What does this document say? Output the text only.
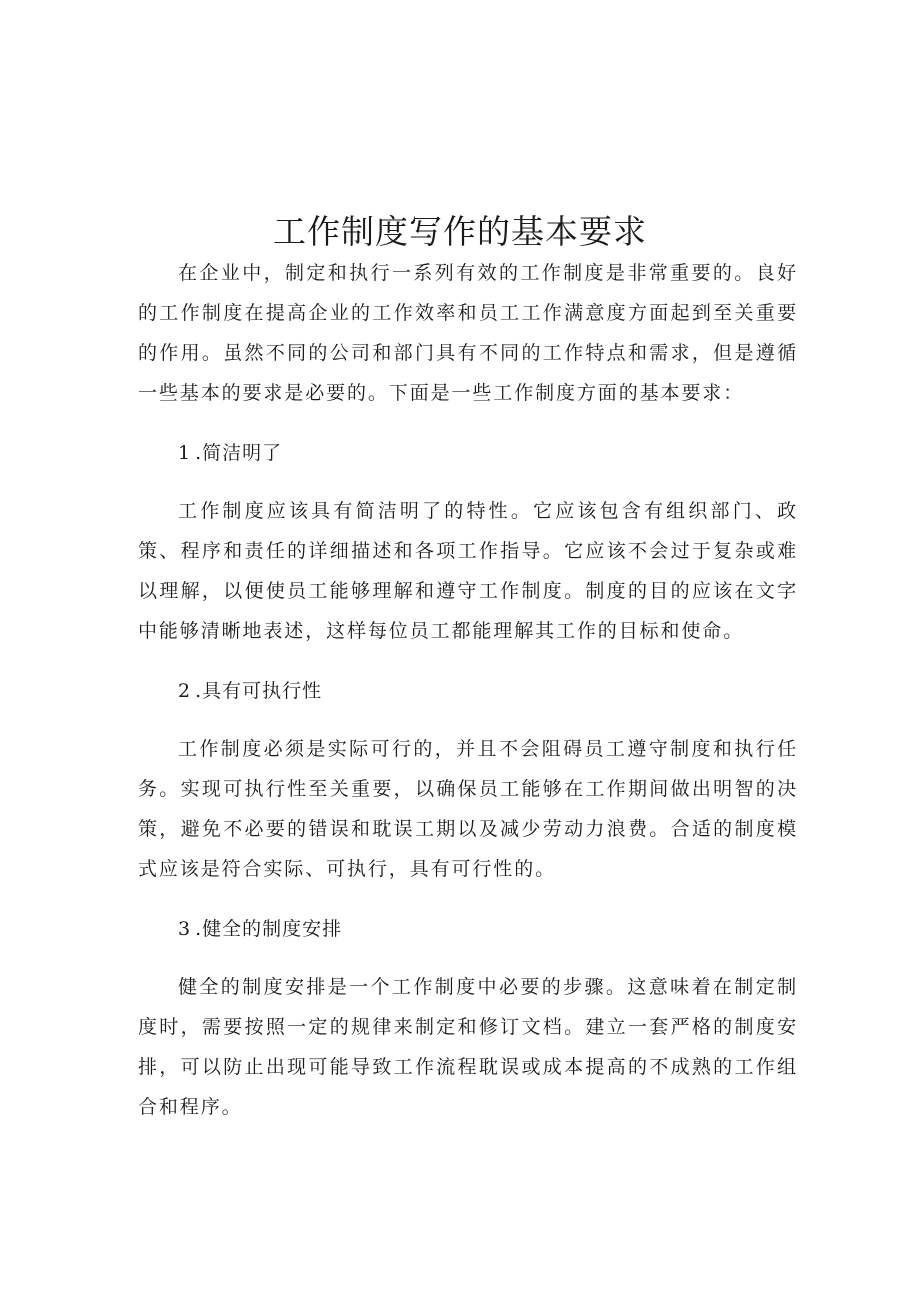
工作制度写作的基本要求

在企业中，制定和执行一系列有效的工作制度是非常重要的。良好的工作制度在提高企业的工作效率和员工工作满意度方面起到至关重要的作用。虽然不同的公司和部门具有不同的工作特点和需求，但是遵循一些基本的要求是必要的。下面是一些工作制度方面的基本要求：

1 .简洁明了

工作制度应该具有简洁明了的特性。它应该包含有组织部门、政策、程序和责任的详细描述和各项工作指导。它应该不会过于复杂或难以理解，以便使员工能够理解和遵守工作制度。制度的目的应该在文字中能够清晰地表述，这样每位员工都能理解其工作的目标和使命。

2 .具有可执行性

工作制度必须是实际可行的，并且不会阻碍员工遵守制度和执行任务。实现可执行性至关重要，以确保员工能够在工作期间做出明智的决策，避免不必要的错误和耽误工期以及减少劳动力浪费。合适的制度模式应该是符合实际、可执行，具有可行性的。

3 .健全的制度安排

健全的制度安排是一个工作制度中必要的步骤。这意味着在制定制度时，需要按照一定的规律来制定和修订文档。建立一套严格的制度安排，可以防止出现可能导致工作流程耽误或成本提高的不成熟的工作组合和程序。
